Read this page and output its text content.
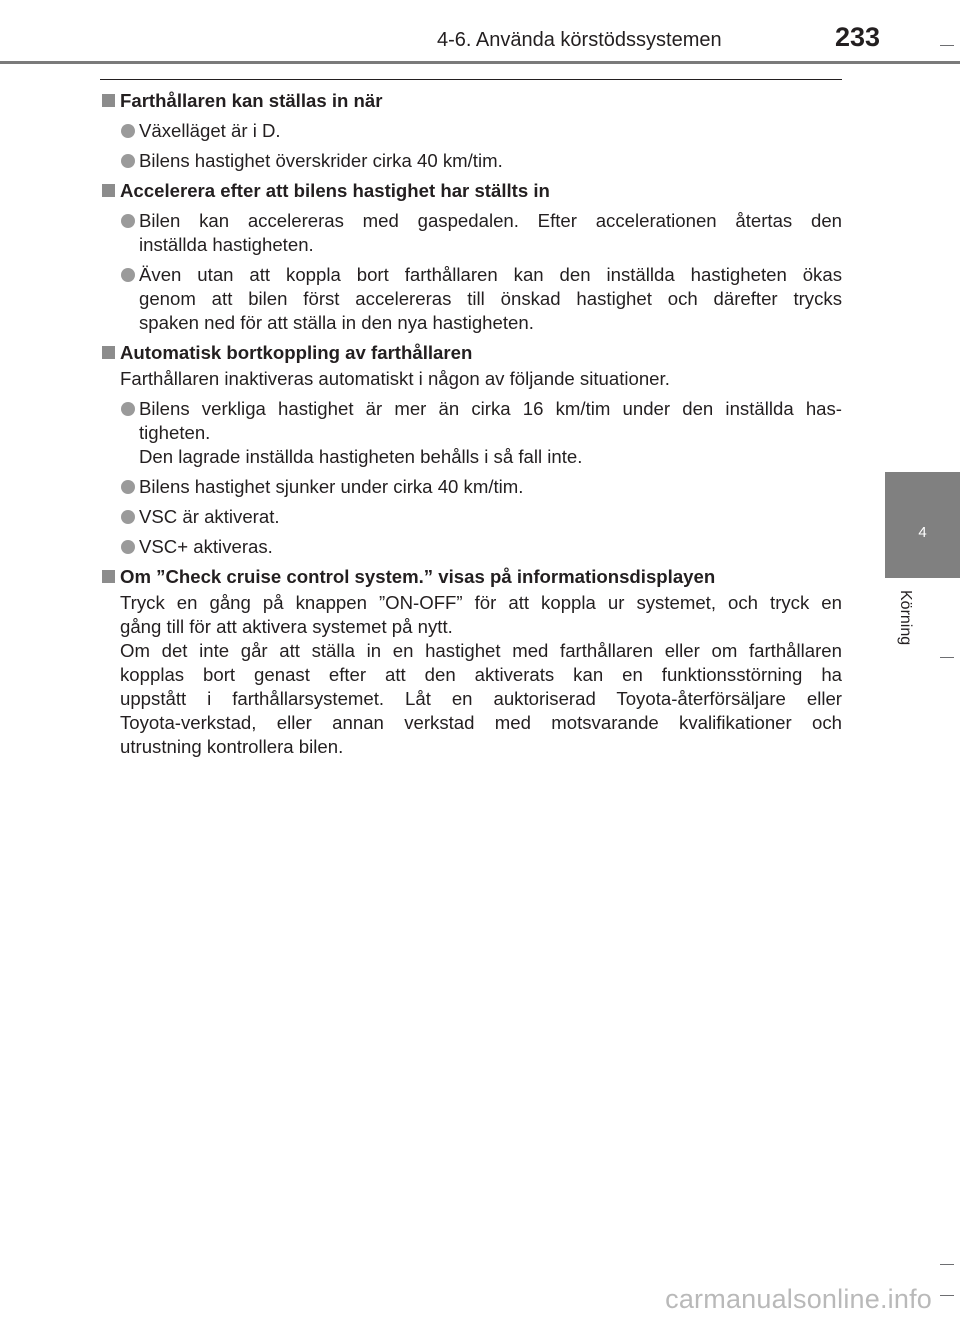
4-6. Använda körstödssystemen	233
4
Körning
Farthållaren kan ställas in när
Växelläget är i D.
Bilens hastighet överskrider cirka 40 km/tim.
Accelerera efter att bilens hastighet har ställts in
Bilen kan accelereras med gaspedalen. Efter accelerationen återtas den
inställda hastigheten.
Även utan att koppla bort farthållaren kan den inställda hastigheten ökas
genom att bilen först accelereras till önskad hastighet och därefter trycks
spaken ned för att ställa in den nya hastigheten.
Automatisk bortkoppling av farthållaren
Farthållaren inaktiveras automatiskt i någon av följande situationer.
Bilens verkliga hastighet är mer än cirka 16 km/tim under den inställda has-
tigheten.
Den lagrade inställda hastigheten behålls i så fall inte.
Bilens hastighet sjunker under cirka 40 km/tim.
VSC är aktiverat.
VSC+ aktiveras.
Om ”Check cruise control system.” visas på informationsdisplayen
Tryck en gång på knappen ”ON-OFF” för att koppla ur systemet, och tryck en
gång till för att aktivera systemet på nytt.
Om det inte går att ställa in en hastighet med farthållaren eller om farthållaren
kopplas bort genast efter att den aktiverats kan en funktionsstörning ha
uppstått i farthållarsystemet. Låt en auktoriserad Toyota-återförsäljare eller
Toyota-verkstad, eller annan verkstad med motsvarande kvalifikationer och
utrustning kontrollera bilen.
carmanualsonline.info
